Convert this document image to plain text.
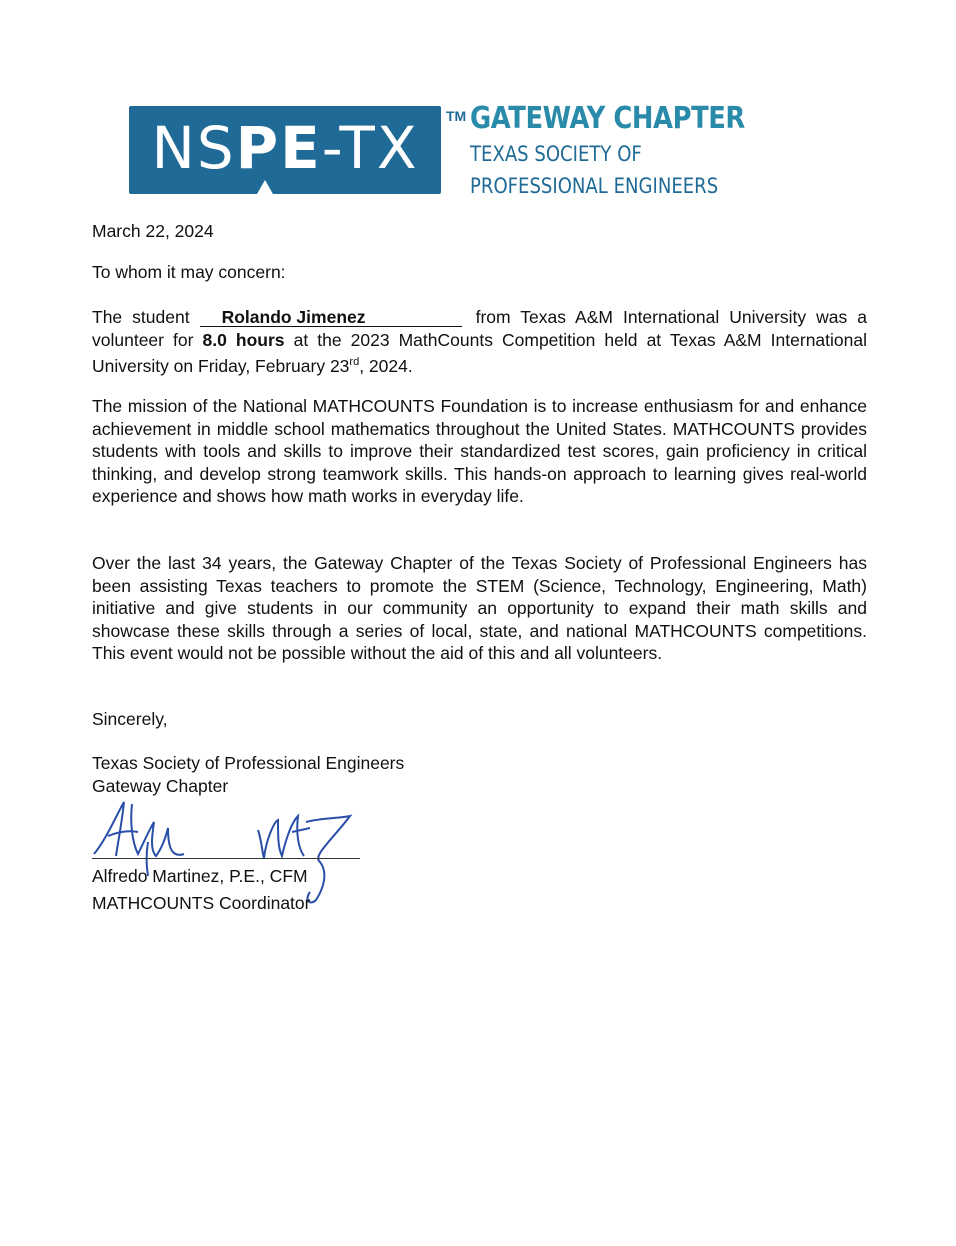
NSPE-TX	TM GATEWAY CHAPTER
TEXAS SOCIETY OF
PROFESSIONAL ENGINEERS
March 22, 2024
To whom it may concern:
The student Rolando Jimenez	from Texas A&M International University was a volunteer for 8.0 hours at the 2023 MathCounts Competition held at Texas A&M International University on Friday, February 23rd, 2024.
The mission of the National MATHCOUNTS Foundation is to increase enthusiasm for and enhance achievement in middle school mathematics throughout the United States. MATHCOUNTS provides students with tools and skills to improve their standardized test scores, gain proficiency in critical thinking, and develop strong teamwork skills. This hands-on approach to learning gives real-world experience and shows how math works in everyday life.
Over the last 34 years, the Gateway Chapter of the Texas Society of Professional Engineers has been assisting Texas teachers to promote the STEM (Science, Technology, Engineering, Math) initiative and give students in our community an opportunity to expand their math skills and showcase these skills through a series of local, state, and national MATHCOUNTS competitions. This event would not be possible without the aid of this and all volunteers.
Sincerely,
Texas Society of Professional Engineers
Gateway Chapter
Alfredo Martinez, P.E., CFM
MATHCOUNTS Coordinator
